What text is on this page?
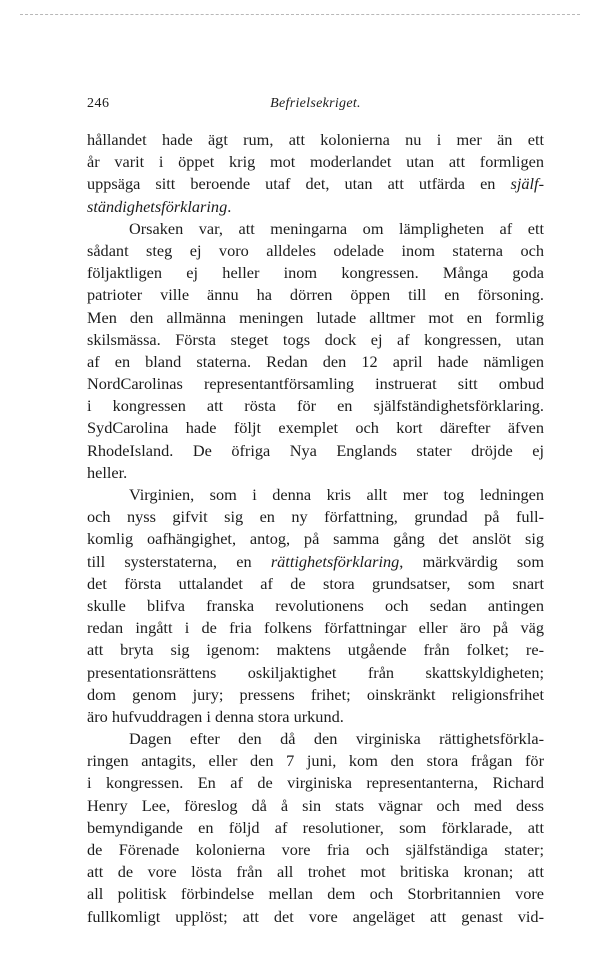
246	Befrielsekriget.
hållandet hade ägt rum, att kolonierna nu i mer än ett
år varit i öppet krig mot moderlandet utan att formligen
uppsäga sitt beroende utaf det, utan att utfärda en själf-
ständighetsförklaring.
Orsaken var, att meningarna om lämpligheten af ett
sådant steg ej voro alldeles odelade inom staterna och
följaktligen ej heller inom kongressen. Många goda
patrioter ville ännu ha dörren öppen till en försoning.
Men den allmänna meningen lutade alltmer mot en formlig
skilsmässa. Första steget togs dock ej af kongressen, utan
af en bland staterna. Redan den 12 april hade nämligen
NordCarolinas representantförsamling instruerat sitt ombud
i kongressen att rösta för en själfständighetsförklaring.
SydCarolina hade följt exemplet och kort därefter äfven
RhodeIsland. De öfriga Nya Englands stater dröjde ej
heller.
Virginien, som i denna kris allt mer tog ledningen
och nyss gifvit sig en ny författning, grundad på full-
komlig oafhängighet, antog, på samma gång det anslöt sig
till systerstaterna, en rättighetsförklaring, märkvärdig som
det första uttalandet af de stora grundsatser, som snart
skulle blifva franska revolutionens och sedan antingen
redan ingått i de fria folkens författningar eller äro på väg
att bryta sig igenom: maktens utgående från folket; re-
presentationsrättens oskiljaktighet från skattskyldigheten;
dom genom jury; pressens frihet; oinskränkt religionsfrihet
äro hufvuddragen i denna stora urkund.
Dagen efter den då den virginiska rättighetsförkla-
ringen antagits, eller den 7 juni, kom den stora frågan för
i kongressen. En af de virginiska representanterna, Richard
Henry Lee, föreslog då å sin stats vägnar och med dess
bemyndigande en följd af resolutioner, som förklarade, att
de Förenade kolonierna vore fria och själfständiga stater;
att de vore lösta från all trohet mot britiska kronan; att
all politisk förbindelse mellan dem och Storbritannien vore
fullkomligt upplöst; att det vore angeläget att genast vid-
